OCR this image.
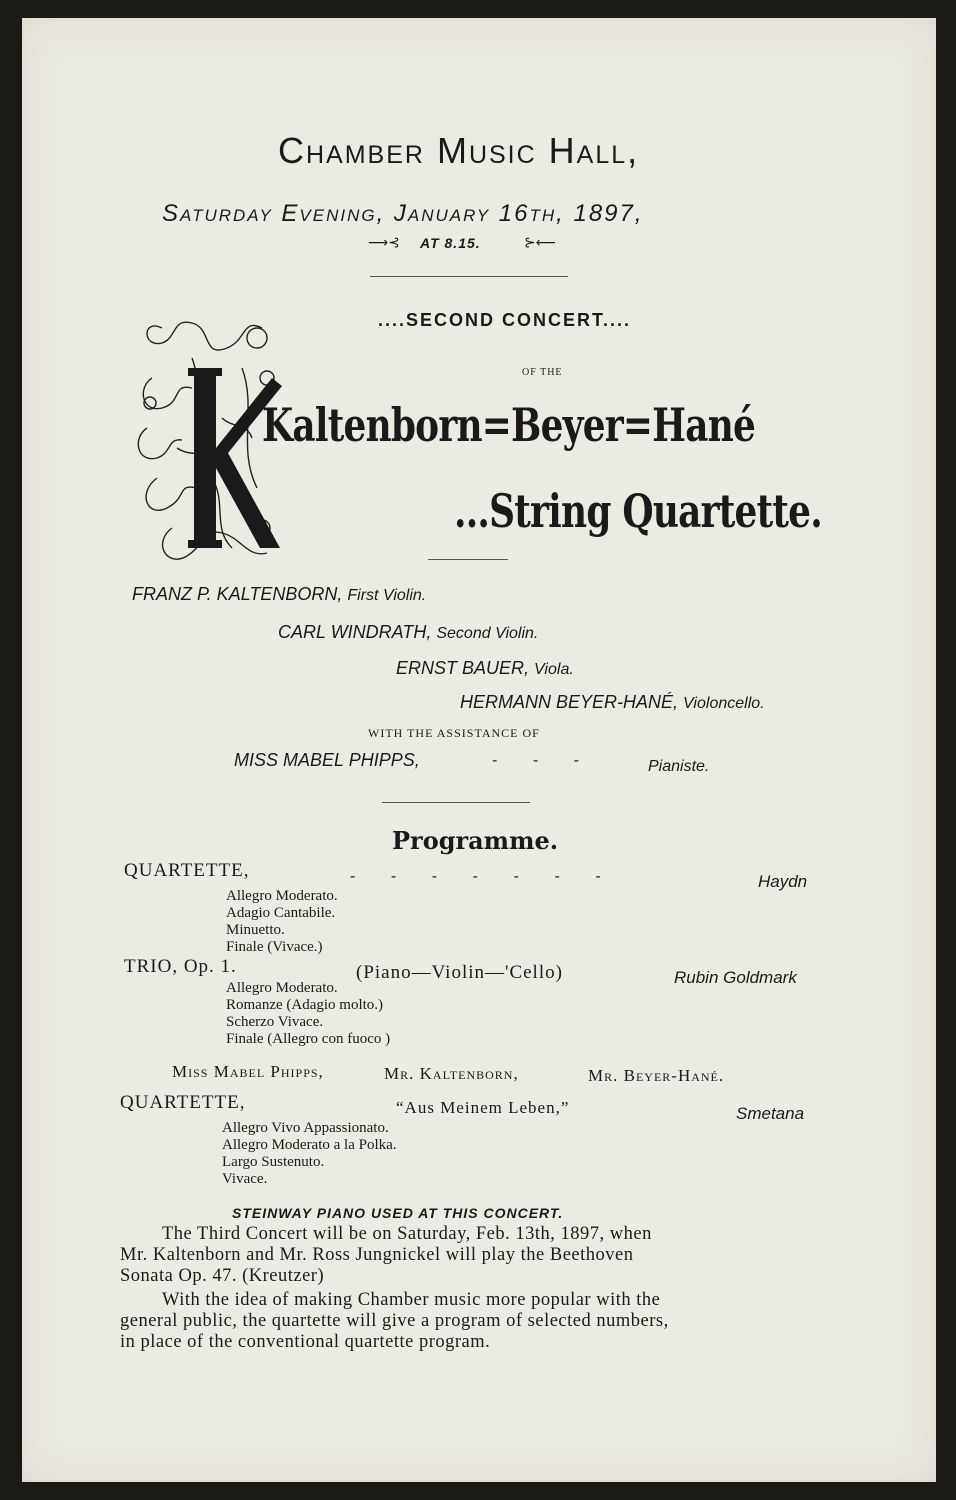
Chamber Music Hall,
Saturday Evening, January 16th, 1897,
⟶⊰ AT 8.15.	⊱⟵
....SECOND CONCERT....
OF THE
Kaltenborn=Beyer=Hané
...String Quartette.
FRANZ P. KALTENBORN, First Violin.
CARL WINDRATH, Second Violin.
ERNST BAUER, Viola.
HERMANN BEYER-HANÉ, Violoncello.
WITH THE ASSISTANCE OF
MISS MABEL PHIPPS,	-        -        -	Pianiste.
Programme.
QUARTETTE,	-        -        -        -        -        -        -	Haydn
Allegro Moderato.
Adagio Cantabile.
Minuetto.
Finale (Vivace.)
TRIO, Op. 1.	(Piano—Violin—'Cello)	Rubin Goldmark
Allegro Moderato.
Romanze (Adagio molto.)
Scherzo Vivace.
Finale (Allegro con fuoco )
Miss Mabel Phipps,	Mr. Kaltenborn,	Mr. Beyer-Hané.
QUARTETTE,	“Aus Meinem Leben,”	Smetana
Allegro Vivo Appassionato.
Allegro Moderato a la Polka.
Largo Sustenuto.
Vivace.
STEINWAY PIANO USED AT THIS CONCERT.
The Third Concert will be on Saturday, Feb. 13th, 1897, when
Mr. Kaltenborn and Mr. Ross Jungnickel will play the Beethoven
Sonata Op. 47. (Kreutzer)
With the idea of making Chamber music more popular with the
general public, the quartette will give a program of selected numbers,
in place of the conventional quartette program.
